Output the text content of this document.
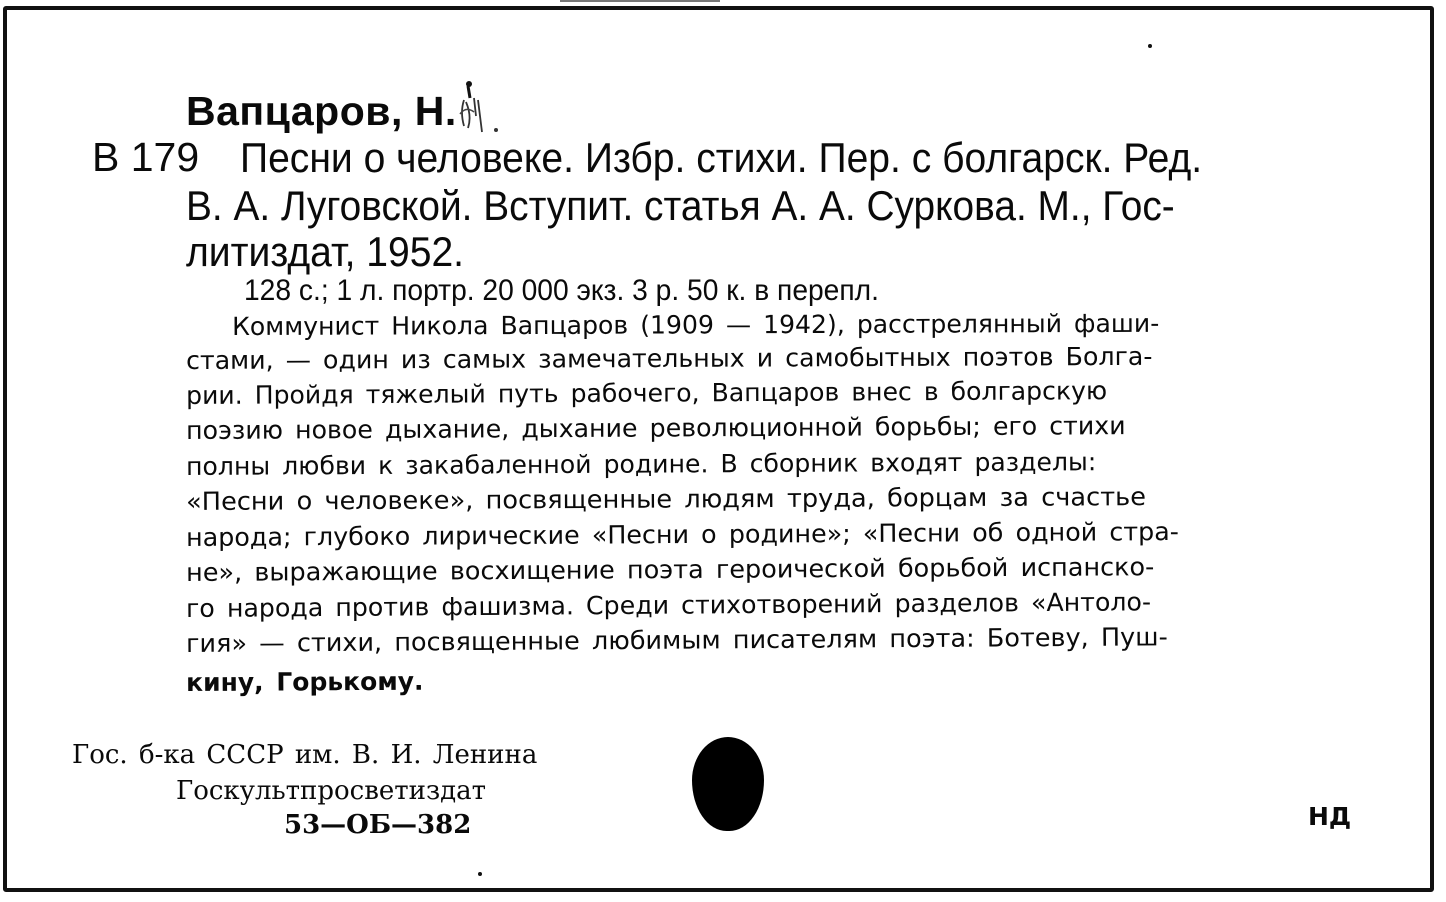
Вапцаров, Н.
В 179 Песни о человеке. Избр. стихи. Пер. с болгарск. Ред.
В. А. Луговской. Вступит. статья А. А. Суркова. М., Гос-
литиздат, 1952.
128 с.; 1 л. портр. 20 000 экз. 3 р. 50 к. в перепл.
Коммунист Никола Вапцаров (1909 — 1942), расстрелянный фаши-
стами, — один из самых замечательных и самобытных поэтов Болга-
рии. Пройдя тяжелый путь рабочего, Вапцаров внес в болгарскую
поэзию новое дыхание, дыхание революционной борьбы; его стихи
полны любви к закабаленной родине. В сборник входят разделы:
«Песни о человеке», посвященные людям труда, борцам за счастье
народа; глубоко лирические «Песни о родине»; «Песни об одной стра-
не», выражающие восхищение поэта героической борьбой испанско-
го народа против фашизма. Среди стихотворений разделов «Антоло-
гия» — стихи, посвященные любимым писателям поэта: Ботеву, Пуш-
кину, Горькому.
Гос. б-ка СССР им. В. И. Ленина
Госкультпросветиздат
53—ОБ—382	НД
